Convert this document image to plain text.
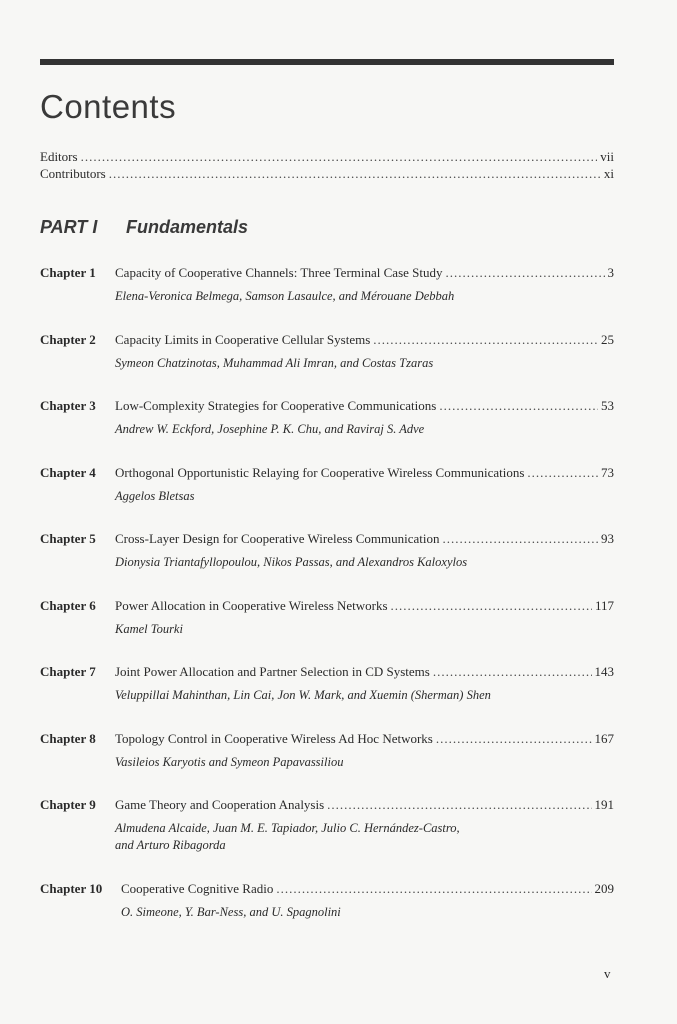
Contents
Editors .....	vii
Contributors .....	xi
PART I Fundamentals
Chapter 1	Capacity of Cooperative Channels: Three Terminal Case Study .....	3
Elena-Veronica Belmega, Samson Lasaulce, and Mérouane Debbah
Chapter 2	Capacity Limits in Cooperative Cellular Systems .....	25
Symeon Chatzinotas, Muhammad Ali Imran, and Costas Tzaras
Chapter 3	Low-Complexity Strategies for Cooperative Communications .....	53
Andrew W. Eckford, Josephine P. K. Chu, and Raviraj S. Adve
Chapter 4	Orthogonal Opportunistic Relaying for Cooperative Wireless Communications .....	73
Aggelos Bletsas
Chapter 5	Cross-Layer Design for Cooperative Wireless Communication .....	93
Dionysia Triantafyllopoulou, Nikos Passas, and Alexandros Kaloxylos
Chapter 6	Power Allocation in Cooperative Wireless Networks .....	117
Kamel Tourki
Chapter 7	Joint Power Allocation and Partner Selection in CD Systems .....	143
Veluppillai Mahinthan, Lin Cai, Jon W. Mark, and Xuemin (Sherman) Shen
Chapter 8	Topology Control in Cooperative Wireless Ad Hoc Networks .....	167
Vasileios Karyotis and Symeon Papavassiliou
Chapter 9	Game Theory and Cooperation Analysis .....	191
Almudena Alcaide, Juan M. E. Tapiador, Julio C. Hernández-Castro,
and Arturo Ribagorda
Chapter 10	Cooperative Cognitive Radio .....	209
O. Simeone, Y. Bar-Ness, and U. Spagnolini
v
